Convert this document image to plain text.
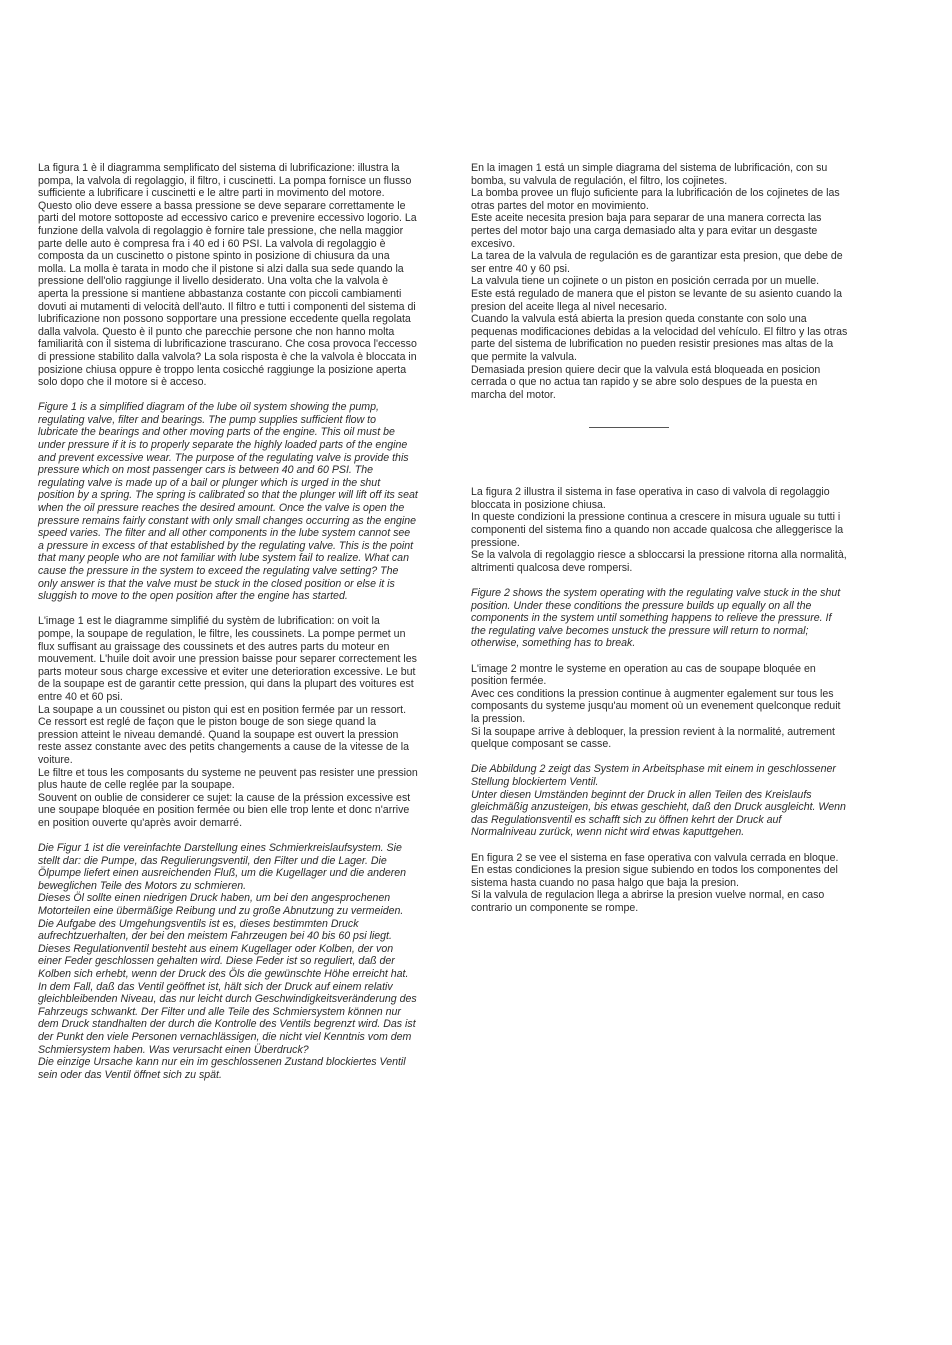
La figura 1 è il diagramma semplificato del sistema di lubrificazione: illustra la pompa, la valvola di regolaggio, il filtro, i cuscinetti. La pompa fornisce un flusso sufficiente a lubrificare i cuscinetti e le altre parti in movimento del motore. Questo olio deve essere a bassa pressione se deve separare correttamente le parti del motore sottoposte ad eccessivo carico e prevenire eccessivo logorio. La funzione della valvola di regolaggio è fornire tale pressione, che nella maggior parte delle auto è compresa fra i 40 ed i 60 PSI. La valvola di regolaggio è composta da un cuscinetto o pistone spinto in posizione di chiusura da una molla. La molla è tarata in modo che il pistone si alzi dalla sua sede quando la pressione dell'olio raggiunge il livello desiderato. Una volta che la valvola è aperta la pressione si mantiene abbastanza costante con piccoli cambiamenti dovuti ai mutamenti di velocità dell'auto. Il filtro e tutti i componenti del sistema di lubrificazione non possono sopportare una pressione eccedente quella regolata dalla valvola. Questo è il punto che parecchie persone che non hanno molta familiarità con il sistema di lubrificazione trascurano. Che cosa provoca l'eccesso di pressione stabilito dalla valvola? La sola risposta è che la valvola è bloccata in posizione chiusa oppure è troppo lenta cosicché raggiunge la posizione aperta solo dopo che il motore si è acceso.

Figure 1 is a simplified diagram of the lube oil system showing the pump, regulating valve, filter and bearings. The pump supplies sufficient flow to lubricate the bearings and other moving parts of the engine. This oil must be under pressure if it is to properly separate the highly loaded parts of the engine and prevent excessive wear. The purpose of the regulating valve is provide this pressure which on most passenger cars is between 40 and 60 PSI. The regulating valve is made up of a bail or plunger which is urged in the shut position by a spring. The spring is calibrated so that the plunger will lift off its seat when the oil pressure reaches the desired amount. Once the valve is open the pressure remains fairly constant with only small changes occurring as the engine speed varies. The filter and all other components in the lube system cannot see a pressure in excess of that established by the regulating valve. This is the point that many people who are not familiar with lube system fail to realize. What can cause the pressure in the system to exceed the regulating valve setting? The only answer is that the valve must be stuck in the closed position or else it is sluggish to move to the open position after the engine has started.

L'image 1 est le diagramme simplifié du systèm de lubrification: on voit la pompe, la soupape de regulation, le filtre, les coussinets. La pompe permet un flux suffisant au graissage des coussinets et des autres parts du moteur en mouvement. L'huile doit avoir une pression baisse pour separer correctement les parts moteur sous charge excessive et eviter une deterioration excessive. Le but de la soupape est de garantir cette pression, qui dans la plupart des voitures est entre 40 et 60 psi.

La soupape a un coussinet ou piston qui est en position fermée par un ressort.

Ce ressort est reglé de façon que le piston bouge de son siege quand la pression atteint le niveau demandé. Quand la soupape est ouvert la pression reste assez constante avec des petits changements a cause de la vitesse de la voiture.

Le filtre et tous les composants du systeme ne peuvent pas resister une pression plus haute de celle reglée par la soupape.

Souvent on oublie de considerer ce sujet: la cause de la préssion excessive est une soupape bloquée en position fermée ou bien elle trop lente et donc n'arrive en position ouverte qu'après avoir demarré.

Die Figur 1 ist die vereinfachte Darstellung eines Schmierkreislaufsystem. Sie stellt dar: die Pumpe, das Regulierungsventil, den Filter und die Lager. Die Ölpumpe liefert einen ausreichenden Fluß, um die Kugellager und die anderen beweglichen Teile des Motors zu schmieren.

Dieses Öl sollte einen niedrigen Druck haben, um bei den angesprochenen Motorteilen eine übermäßige Reibung und zu große Abnutzung zu vermeiden. Die Aufgabe des Umgehungsventils ist es, dieses bestimmten Druck aufrechtzuerhalten, der bei den meistem Fahrzeugen bei 40 bis 60 psi liegt. Dieses Regulationventil besteht aus einem Kugellager oder Kolben, der von einer Feder geschlossen gehalten wird. Diese Feder ist so reguliert, daß der Kolben sich erhebt, wenn der Druck des Öls die gewünschte Höhe erreicht hat. In dem Fall, daß das Ventil geöffnet ist, hält sich der Druck auf einem relativ gleichbleibenden Niveau, das nur leicht durch Geschwindigkeitsveränderung des Fahrzeugs schwankt. Der Filter und alle Teile des Schmiersystem können nur dem Druck standhalten der durch die Kontrolle des Ventils begrenzt wird. Das ist der Punkt den viele Personen vernachlässigen, die nicht viel Kenntnis vom dem Schmiersystem haben. Was verursacht einen Überdruck?

Die einzige Ursache kann nur ein im geschlossenen Zustand blockiertes Ventil sein oder das Ventil öffnet sich zu spät.

En la imagen 1 está un simple diagrama del sistema de lubrificación, con su bomba, su valvula de regulación, el filtro, los cojinetes.

La bomba provee un flujo suficiente para la lubrificación de los cojinetes de las otras partes del motor en movimiento.

Este aceite necesita presion baja para separar de una manera correcta las pertes del motor bajo una carga demasiado alta y para evitar un desgaste excesivo.

La tarea de la valvula de regulación es de garantizar esta presion, que debe de ser entre 40 y 60 psi.

La valvula tiene un cojinete o un piston en posición cerrada por un muelle.

Este está regulado de manera que el piston se levante de su asiento cuando la presion del aceite llega al nivel necesario.

Cuando la valvula está abierta la presion queda constante con solo una pequenas modificaciones debidas a la velocidad del vehículo. El filtro y las otras parte del sistema de lubrification no pueden resistir presiones mas altas de la que permite la valvula.

Demasiada presion quiere decir que la valvula está bloqueada en posicion cerrada o que no actua tan rapido y se abre solo despues de la puesta en marcha del motor.

La figura 2 illustra il sistema in fase operativa in caso di valvola di regolaggio bloccata in posizione chiusa.

In queste condizioni la pressione continua a crescere in misura uguale su tutti i componenti del sistema fino a quando non accade qualcosa che alleggerisce la pressione.

Se la valvola di regolaggio riesce a sbloccarsi la pressione ritorna alla normalità, altrimenti qualcosa deve rompersi.

Figure 2 shows the system operating with the regulating valve stuck in the shut position. Under these conditions the pressure builds up equally on all the components in the system until something happens to relieve the pressure. If the regulating valve becomes unstuck the pressure will return to normal; otherwise, something has to break.

L'image 2 montre le systeme en operation au cas de soupape bloquée en position fermée.

Avec ces conditions la pression continue à augmenter egalement sur tous les composants du systeme jusqu'au moment où un evenement quelconque reduit la pression.

Si la soupape arrive à debloquer, la pression revient à la normalité, autrement quelque composant se casse.

Die Abbildung 2 zeigt das System in Arbeitsphase mit einem in geschlossener Stellung blockiertem Ventil.

Unter diesen Umständen beginnt der Druck in allen Teilen des Kreislaufs gleichmäßig anzusteigen, bis etwas geschieht, daß den Druck ausgleicht. Wenn das Regulationsventil es schafft sich zu öffnen kehrt der Druck auf Normalniveau zurück, wenn nicht wird etwas kaputtgehen.

En figura 2 se vee el sistema en fase operativa con valvula cerrada en bloque.

En estas condiciones la presion sigue subiendo en todos los componentes del sistema hasta cuando no pasa halgo que baja la presion.

Si la valvula de regulacion llega a abrirse la presion vuelve normal, en caso contrario un componente se rompe.
